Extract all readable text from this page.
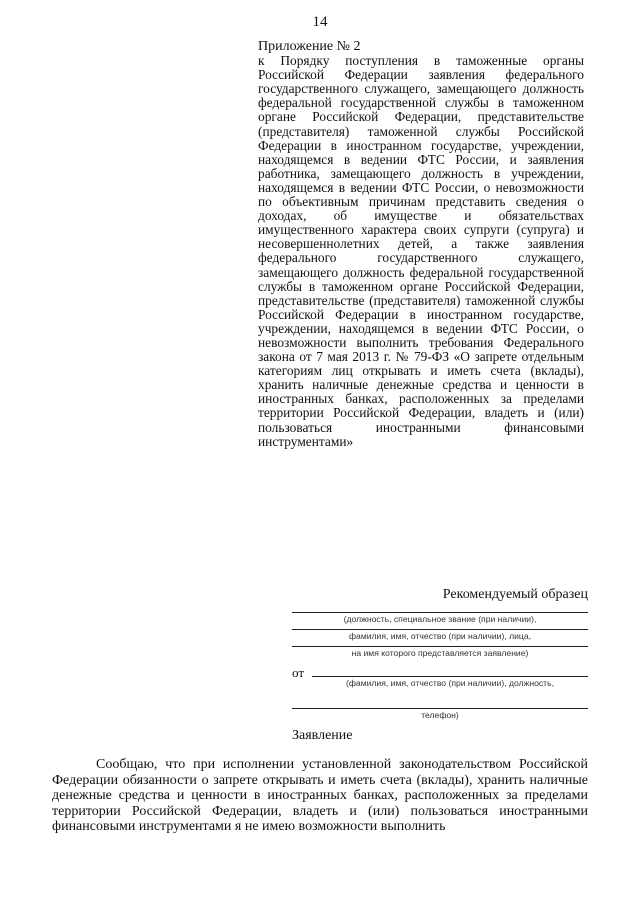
14
Приложение № 2
к Порядку поступления в таможенные органы Российской Федерации заявления федерального государственного служащего, замещающего должность федеральной государственной службы в таможенном органе Российской Федерации, представительстве (представителя) таможенной службы Российской Федерации в иностранном государстве, учреждении, находящемся в ведении ФТС России, и заявления работника, замещающего должность в учреждении, находящемся в ведении ФТС России, о невозможности по объективным причинам представить сведения о доходах, об имуществе и обязательствах имущественного характера своих супруги (супруга) и несовершеннолетних детей, а также заявления федерального государственного служащего, замещающего должность федеральной государственной службы в таможенном органе Российской Федерации, представительстве (представителя) таможенной службы Российской Федерации в иностранном государстве, учреждении, находящемся в ведении ФТС России, о невозможности выполнить требования Федерального закона от 7 мая 2013 г. № 79-ФЗ «О запрете отдельным категориям лиц открывать и иметь счета (вклады), хранить наличные денежные средства и ценности в иностранных банках, расположенных за пределами территории Российской Федерации, владеть и (или) пользоваться иностранными финансовыми инструментами»
Рекомендуемый образец
(должность, специальное звание (при наличии),
фамилия, имя, отчество (при наличии), лица,
на имя которого представляется заявление)
от
(фамилия, имя, отчество (при наличии), должность,
телефон)
Заявление
Сообщаю, что при исполнении установленной законодательством Российской Федерации обязанности о запрете открывать и иметь счета (вклады), хранить наличные денежные средства и ценности в иностранных банках, расположенных за пределами территории Российской Федерации, владеть и (или) пользоваться иностранными финансовыми инструментами я не имею возможности выполнить
